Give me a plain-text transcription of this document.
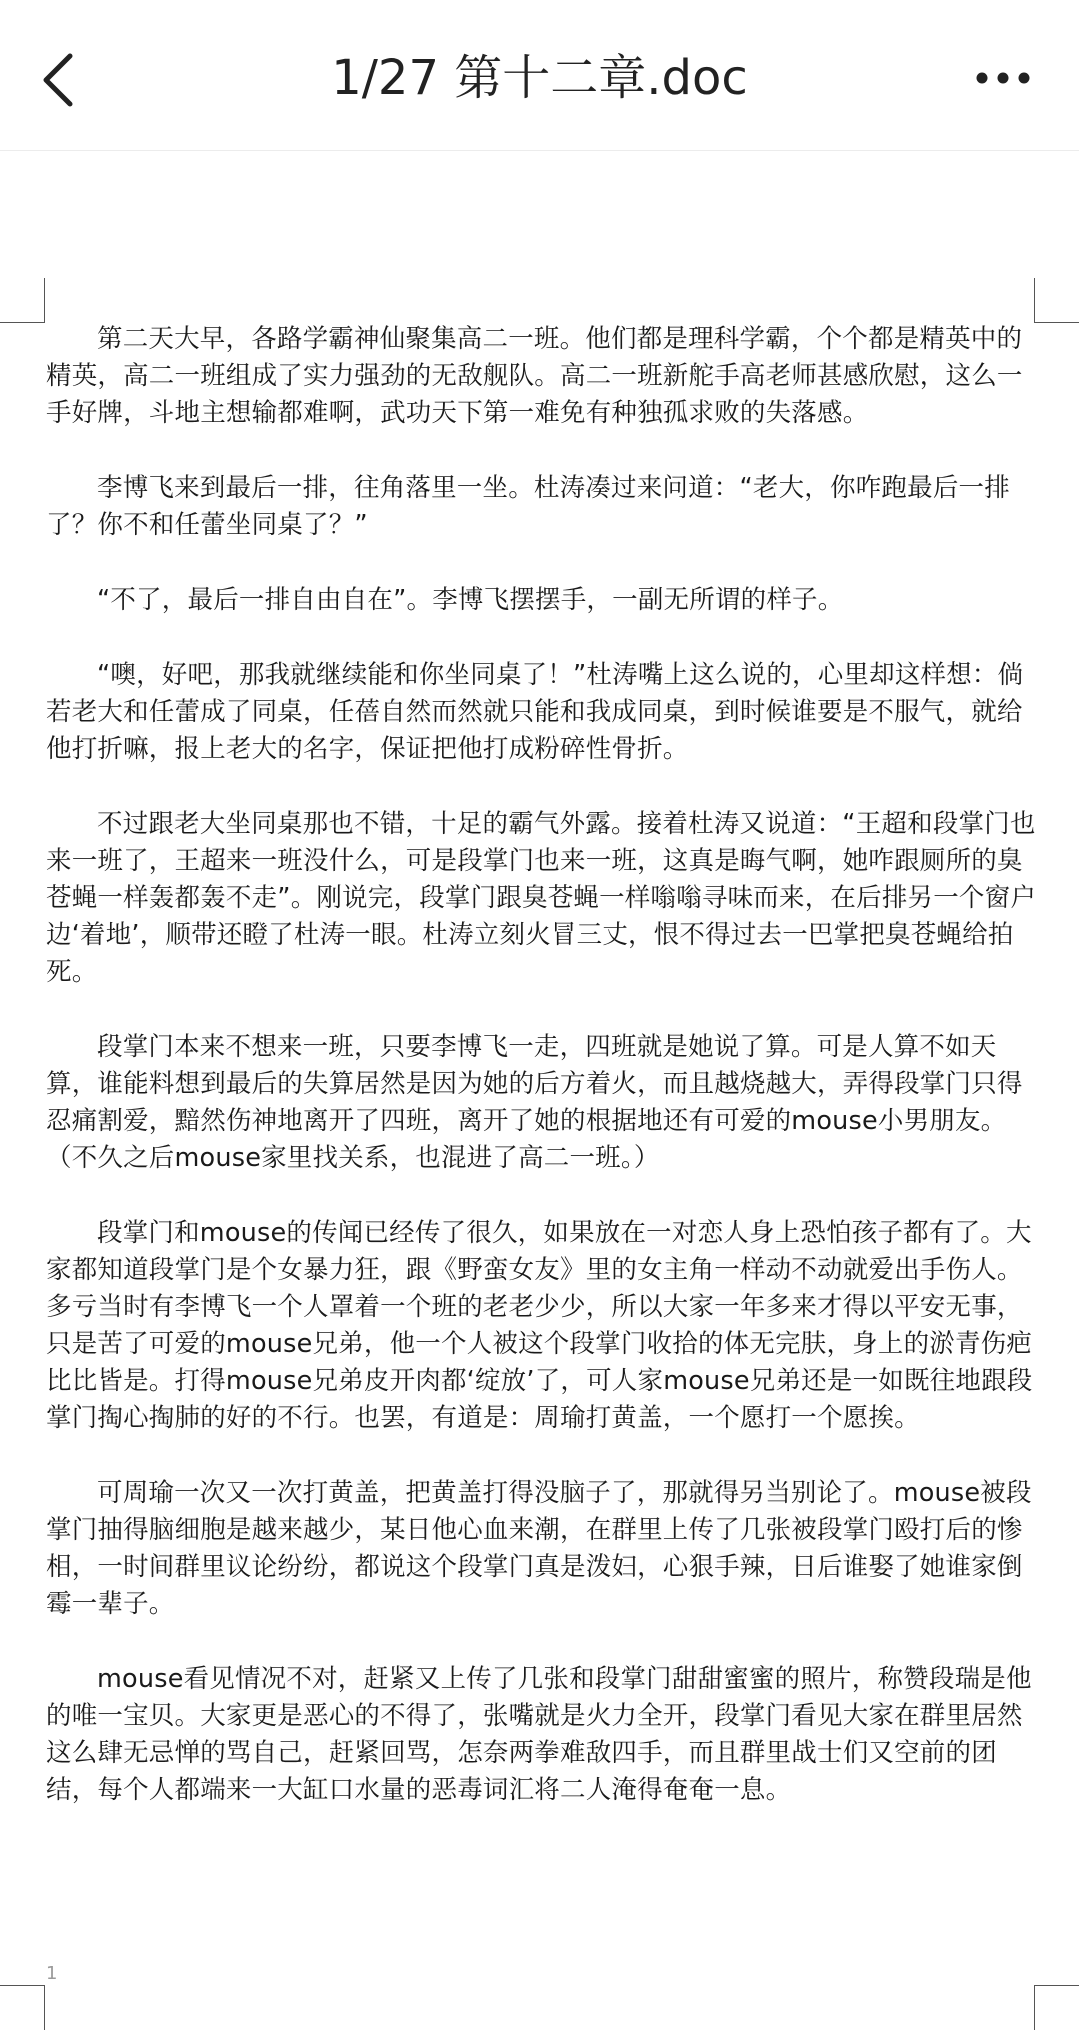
1/27 第十二章.doc

第二天大早，各路学霸神仙聚集高二一班。他们都是理科学霸，个个都是精英中的精英，高二一班组成了实力强劲的无敌舰队。高二一班新舵手高老师甚感欣慰，这么一手好牌，斗地主想输都难啊，武功天下第一难免有种独孤求败的失落感。

李博飞来到最后一排，往角落里一坐。杜涛凑过来问道：“老大，你咋跑最后一排了？你不和任蕾坐同桌了？”

“不了，最后一排自由自在”。李博飞摆摆手，一副无所谓的样子。

“噢，好吧，那我就继续能和你坐同桌了！”杜涛嘴上这么说的，心里却这样想：倘若老大和任蕾成了同桌，任蓓自然而然就只能和我成同桌，到时候谁要是不服气，就给他打折嘛，报上老大的名字，保证把他打成粉碎性骨折。

不过跟老大坐同桌那也不错，十足的霸气外露。接着杜涛又说道：“王超和段掌门也来一班了，王超来一班没什么，可是段掌门也来一班，这真是晦气啊，她咋跟厕所的臭苍蝇一样轰都轰不走”。刚说完，段掌门跟臭苍蝇一样嗡嗡寻味而来，在后排另一个窗户边‘着地’，顺带还瞪了杜涛一眼。杜涛立刻火冒三丈，恨不得过去一巴掌把臭苍蝇给拍死。

段掌门本来不想来一班，只要李博飞一走，四班就是她说了算。可是人算不如天算，谁能料想到最后的失算居然是因为她的后方着火，而且越烧越大，弄得段掌门只得忍痛割爱，黯然伤神地离开了四班，离开了她的根据地还有可爱的mouse小男朋友。（不久之后mouse家里找关系，也混进了高二一班。）

段掌门和mouse的传闻已经传了很久，如果放在一对恋人身上恐怕孩子都有了。大家都知道段掌门是个女暴力狂，跟《野蛮女友》里的女主角一样动不动就爱出手伤人。多亏当时有李博飞一个人罩着一个班的老老少少，所以大家一年多来才得以平安无事，只是苦了可爱的mouse兄弟，他一个人被这个段掌门收拾的体无完肤，身上的淤青伤疤比比皆是。打得mouse兄弟皮开肉都‘绽放’了，可人家mouse兄弟还是一如既往地跟段掌门掏心掏肺的好的不行。也罢，有道是：周瑜打黄盖，一个愿打一个愿挨。

可周瑜一次又一次打黄盖，把黄盖打得没脑子了，那就得另当别论了。mouse被段掌门抽得脑细胞是越来越少，某日他心血来潮，在群里上传了几张被段掌门殴打后的惨相，一时间群里议论纷纷，都说这个段掌门真是泼妇，心狠手辣，日后谁娶了她谁家倒霉一辈子。

mouse看见情况不对，赶紧又上传了几张和段掌门甜甜蜜蜜的照片，称赞段瑞是他的唯一宝贝。大家更是恶心的不得了，张嘴就是火力全开，段掌门看见大家在群里居然这么肆无忌惮的骂自己，赶紧回骂，怎奈两拳难敌四手，而且群里战士们又空前的团结，每个人都端来一大缸口水量的恶毒词汇将二人淹得奄奄一息。

1
